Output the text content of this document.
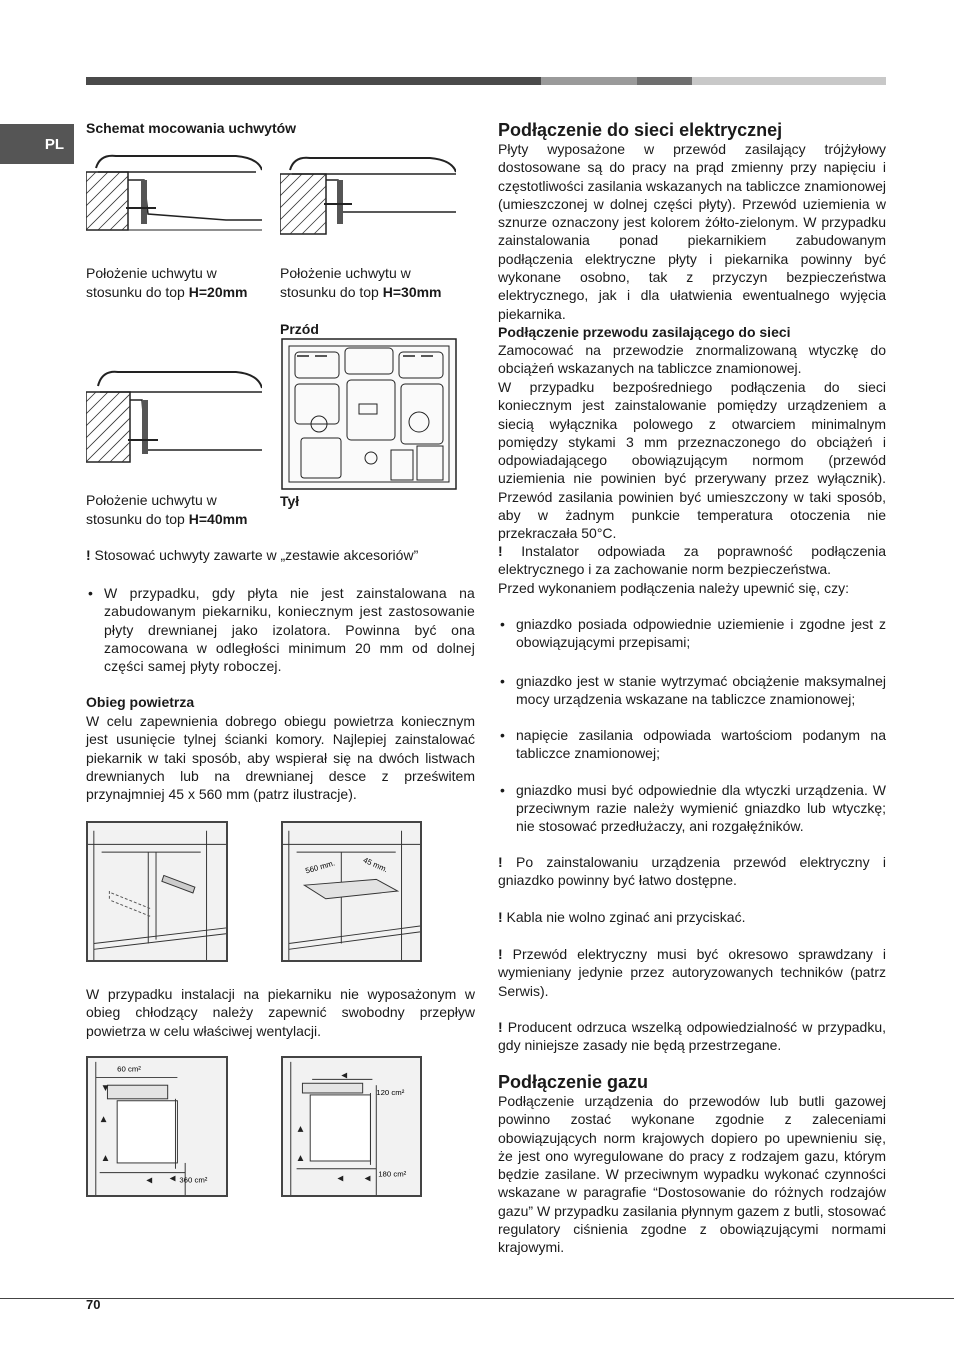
PL
Schemat mocowania uchwytów
Położenie uchwytu w stosunku do top H=20mm
Położenie uchwytu w stosunku do top H=30mm
Przód
Położenie uchwytu w stosunku do top H=40mm
Tył
! Stosować uchwyty zawarte w „zestawie akcesoriów”
• W przypadku, gdy płyta nie jest zainstalowana na zabudowanym piekarniku, koniecznym jest zastosowanie płyty drewnianej jako izolatora. Powinna być ona zamocowana w odległości minimum 20 mm od dolnej części samej płyty roboczej.
Obieg powietrza
W celu zapewnienia dobrego obiegu powietrza koniecznym jest usunięcie tylnej ścianki komory. Najlepiej zainstalować piekarnik w taki sposób, aby wspierał się na dwóch listwach drewnianych lub na drewnianej desce z prześwitem przynajmniej 45 x 560 mm (patrz ilustracje).
560 mm.	45 mm.
W przypadku instalacji na piekarniku nie wyposażonym w obieg chłodzący należy zapewnić swobodny przepływ powietrza w celu właściwej wentylacji.
60 cm²
360 cm²
120 cm²
180 cm²
Podłączenie do sieci elektrycznej
Płyty wyposażone w przewód zasilający trójżyłowy dostosowane są do pracy na prąd zmienny przy napięciu i częstotliwości zasilania wskazanych na tabliczce znamionowej (umieszczonej w dolnej części płyty). Przewód uziemienia w sznurze oznaczony jest kolorem żółto-zielonym. W przypadku zainstalowania ponad piekarnikiem zabudowanym podłączenia elektryczne płyty i piekarnika powinny być wykonane osobno, tak z przyczyn bezpieczeństwa elektrycznego, jak i dla ułatwienia ewentualnego wyjęcia piekarnika.
Podłączenie przewodu zasilającego do sieci
Zamocować na przewodzie znormalizowaną wtyczkę do obciążeń wskazanych na tabliczce znamionowej.
W przypadku bezpośredniego podłączenia do sieci koniecznym jest zainstalowanie pomiędzy urządzeniem a siecią wyłącznika polowego z otwarciem minimalnym pomiędzy stykami 3 mm przeznaczonego do obciążeń i odpowiadającego obowiązującym normom (przewód uziemienia nie powinien być przerywany przez wyłącznik). Przewód zasilania powinien być umieszczony w taki sposób, aby w żadnym punkcie temperatura otoczenia nie przekraczała 50°C.
! Instalator odpowiada za poprawność podłączenia elektrycznego i za zachowanie norm bezpieczeństwa.
Przed wykonaniem podłączenia należy upewnić się, czy:
• gniazdko posiada odpowiednie uziemienie i zgodne jest z obowiązującymi przepisami;
• gniazdko jest w stanie wytrzymać obciążenie maksymalnej mocy urządzenia wskazane na tabliczce znamionowej;
• napięcie zasilania odpowiada wartościom podanym na tabliczce znamionowej;
• gniazdko musi być odpowiednie dla wtyczki urządzenia. W przeciwnym razie należy wymienić gniazdko lub wtyczkę; nie stosować przedłużaczy, ani rozgałęźników.
! Po zainstalowaniu urządzenia przewód elektryczny i gniazdko powinny być łatwo dostępne.
! Kabla nie wolno zginać ani przyciskać.
! Przewód elektryczny musi być okresowo sprawdzany i wymieniany jedynie przez autoryzowanych techników (patrz Serwis).
! Producent odrzuca wszelką odpowiedzialność w przypadku, gdy niniejsze zasady nie będą przestrzegane.
Podłączenie gazu
Podłączenie urządzenia do przewodów lub butli gazowej powinno zostać wykonane zgodnie z zaleceniami obowiązujących norm krajowych dopiero po upewnieniu się, że jest ono wyregulowane do pracy z rodzajem gazu, którym będzie zasilane. W przeciwnym wypadku wykonać czynności wskazane w paragrafie “Dostosowanie do różnych rodzajów gazu” W przypadku zasilania płynnym gazem z butli, stosować regulatory ciśnienia zgodne z obowiązującymi normami krajowymi.
70
